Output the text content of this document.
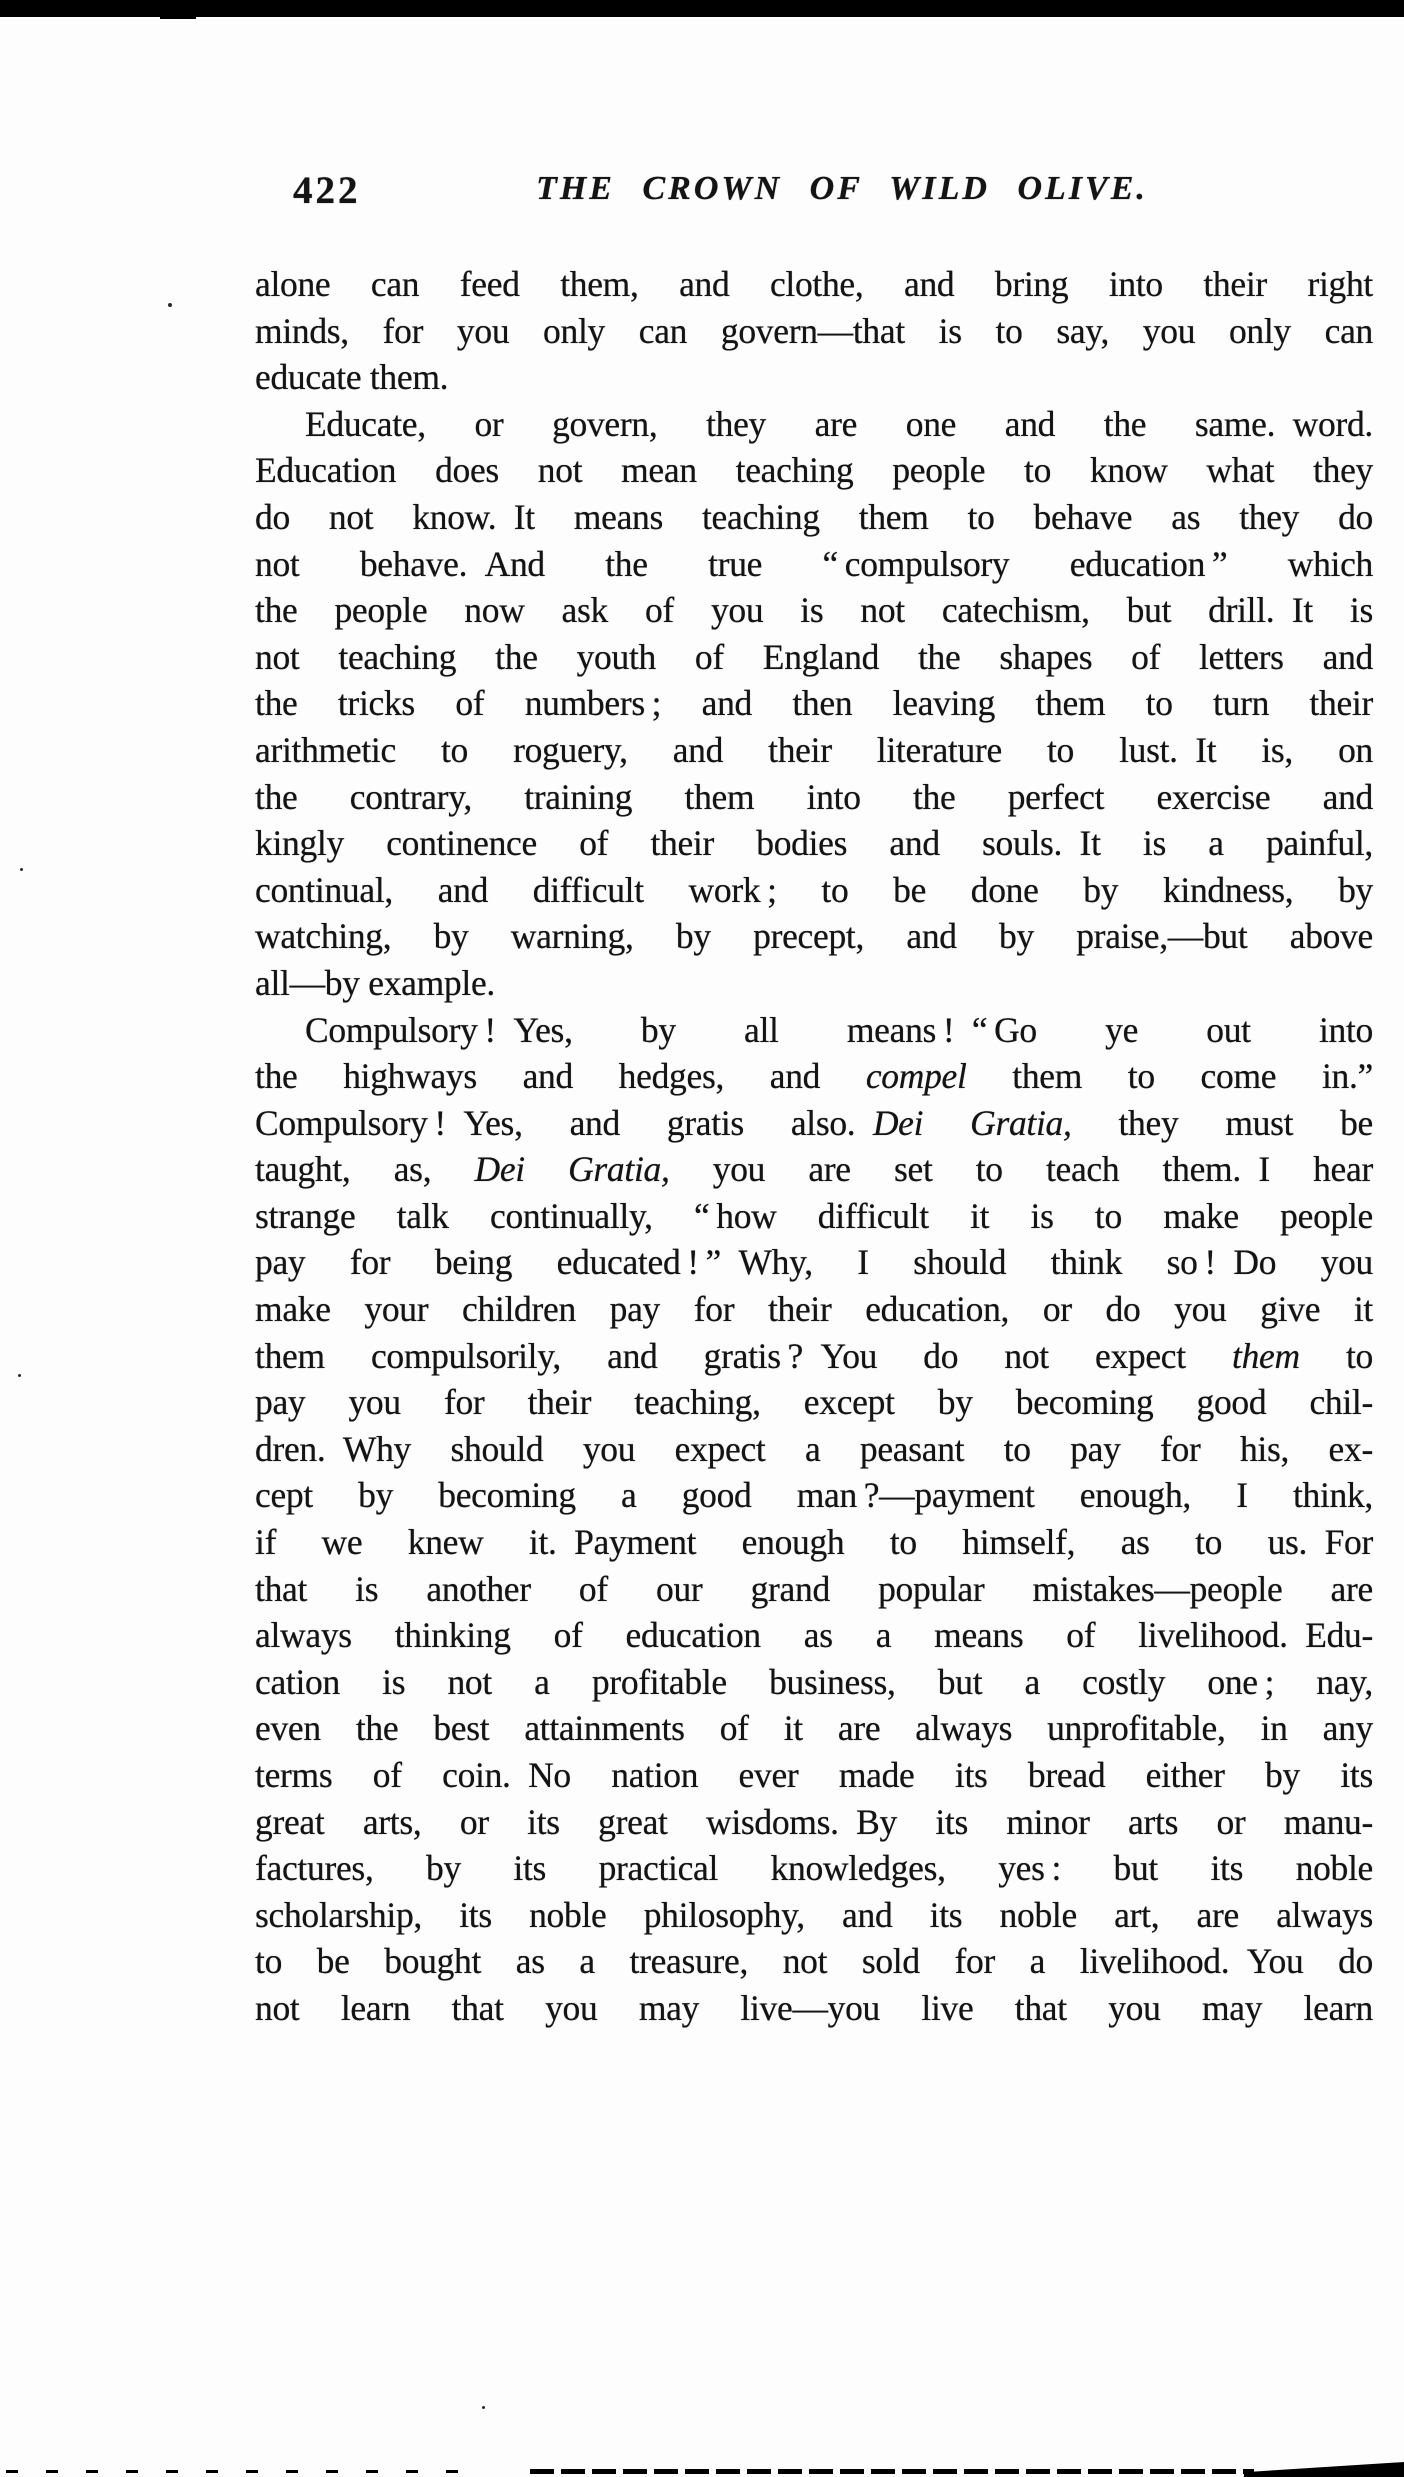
422	THE CROWN OF WILD OLIVE.
alone can feed them, and clothe, and bring into their right
minds, for you only can govern—that is to say, you only can
educate them.
Educate, or govern, they are one and the same. word.
Education does not mean teaching people to know what they
do not know. It means teaching them to behave as they do
not behave. And the true “ compulsory education ” which
the people now ask of you is not catechism, but drill. It is
not teaching the youth of England the shapes of letters and
the tricks of numbers ; and then leaving them to turn their
arithmetic to roguery, and their literature to lust. It is, on
the contrary, training them into the perfect exercise and
kingly continence of their bodies and souls. It is a painful,
continual, and difficult work ; to be done by kindness, by
watching, by warning, by precept, and by praise,—but above
all—by example.
Compulsory ! Yes, by all means ! “ Go ye out into
the highways and hedges, and compel them to come in.”
Compulsory ! Yes, and gratis also. Dei Gratia, they must be
taught, as, Dei Gratia, you are set to teach them. I hear
strange talk continually, “ how difficult it is to make people
pay for being educated ! ” Why, I should think so ! Do you
make your children pay for their education, or do you give it
them compulsorily, and gratis ? You do not expect them to
pay you for their teaching, except by becoming good chil-
dren. Why should you expect a peasant to pay for his, ex-
cept by becoming a good man ?—payment enough, I think,
if we knew it. Payment enough to himself, as to us. For
that is another of our grand popular mistakes—people are
always thinking of education as a means of livelihood. Edu-
cation is not a profitable business, but a costly one ; nay,
even the best attainments of it are always unprofitable, in any
terms of coin. No nation ever made its bread either by its
great arts, or its great wisdoms. By its minor arts or manu-
factures, by its practical knowledges, yes : but its noble
scholarship, its noble philosophy, and its noble art, are always
to be bought as a treasure, not sold for a livelihood. You do
not learn that you may live—you live that you may learn
